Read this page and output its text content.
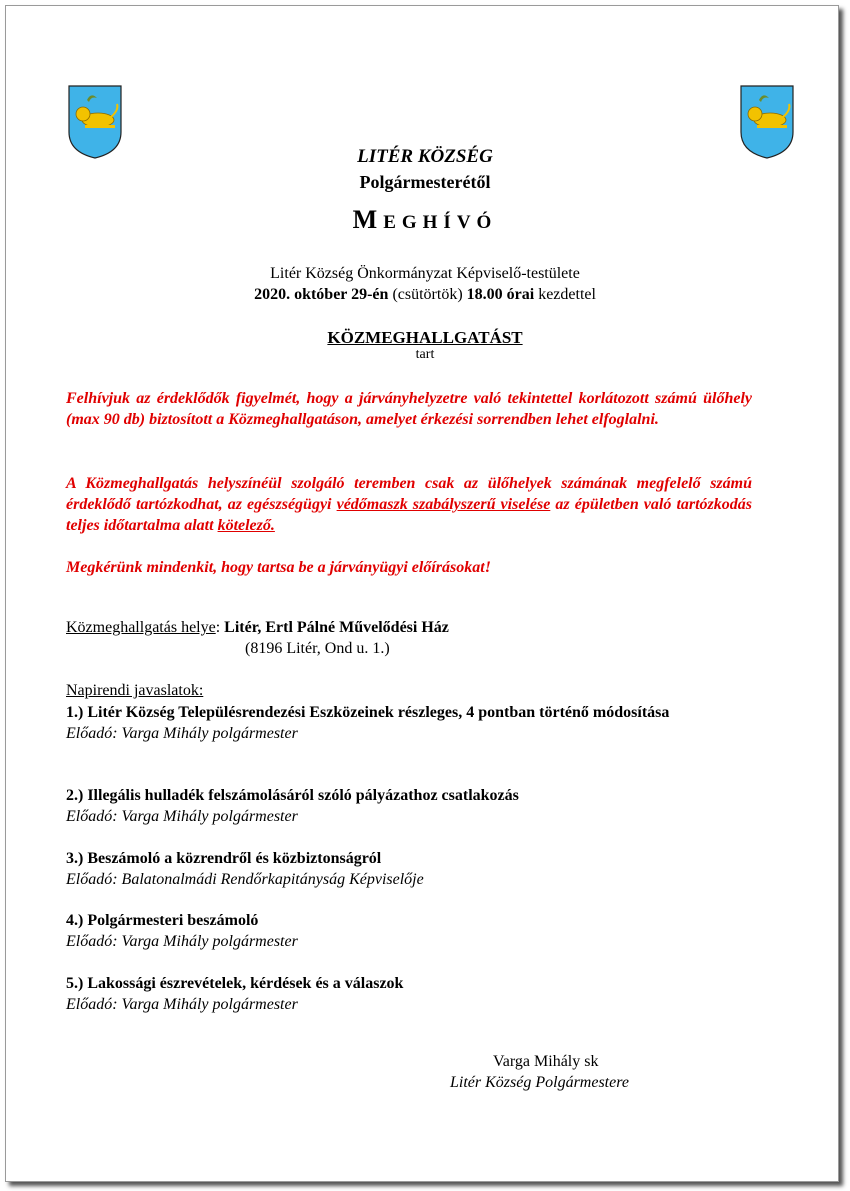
LITÉR KÖZSÉG
Polgármesterétől
MEGHÍVÓ
Litér Község Önkormányzat Képviselő-testülete
2020. október 29-én (csütörtök) 18.00 órai kezdettel
KÖZMEGHALLGATÁST
tart
Felhívjuk az érdeklődők figyelmét, hogy a járványhelyzetre való tekintettel korlátozott számú ülőhely (max 90 db) biztosított a Közmeghallgatáson, amelyet érkezési sorrendben lehet elfoglalni.
A Közmeghallgatás helyszínéül szolgáló teremben csak az ülőhelyek számának megfelelő számú érdeklődő tartózkodhat, az egészségügyi védőmaszk szabályszerű viselése az épületben való tartózkodás teljes időtartalma alatt kötelező.
Megkérünk mindenkit, hogy tartsa be a járványügyi előírásokat!
Közmeghallgatás helye: Litér, Ertl Pálné Művelődési Ház
(8196 Litér, Ond u. 1.)
Napirendi javaslatok:
1.) Litér Község Településrendezési Eszközeinek részleges, 4 pontban történő módosítása
Előadó: Varga Mihály polgármester
2.) Illegális hulladék felszámolásáról szóló pályázathoz csatlakozás
Előadó: Varga Mihály polgármester
3.) Beszámoló a közrendről és közbiztonságról
Előadó: Balatonalmádi Rendőrkapitányság Képviselője
4.) Polgármesteri beszámoló
Előadó: Varga Mihály polgármester
5.) Lakossági észrevételek, kérdések és a válaszok
Előadó: Varga Mihály polgármester
Varga Mihály sk
Litér Község Polgármestere
